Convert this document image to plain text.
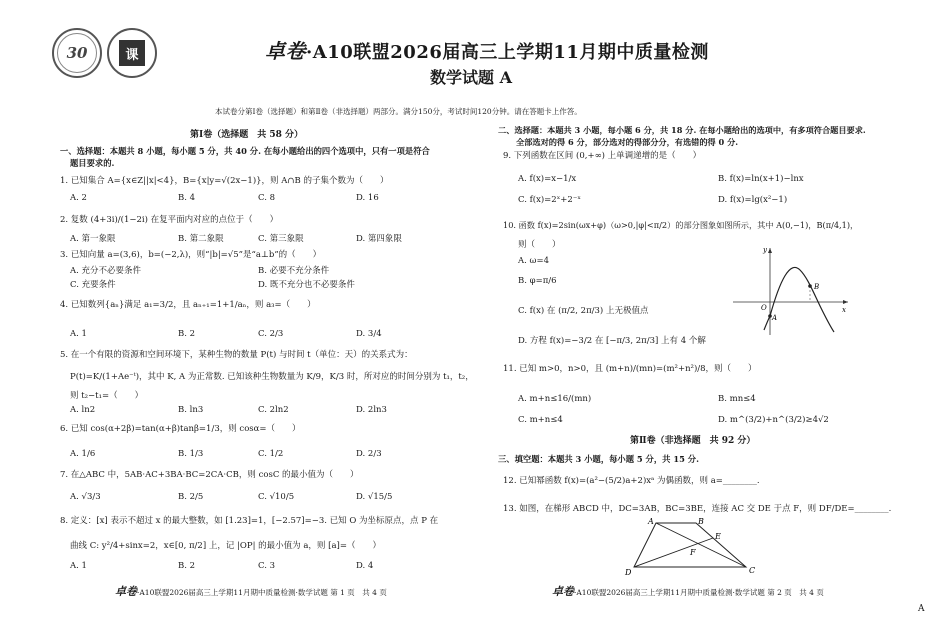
30	课	卓卷·A10联盟2026届高三上学期11月期中质量检测
数学试题 A
本试卷分第Ⅰ卷（选择题）和第Ⅱ卷（非选择题）两部分。满分150分，考试时间120分钟。请在答题卡上作答。
第Ⅰ卷（选择题　共 58 分）
一、选择题：本题共 8 小题，每小题 5 分，共 40 分. 在每小题给出的四个选项中，只有一项是符合
题目要求的.
1. 已知集合 A={x∈Z||x|<4}，B={x|y=√(2x−1)}，则 A∩B 的子集个数为（　　）
A. 2	B. 4	C. 8	D. 16
2. 复数 (4+3i)/(1−2i) 在复平面内对应的点位于（　　）
A. 第一象限	B. 第二象限	C. 第三象限	D. 第四象限
3. 已知向量 a=(3,6)，b=(−2,λ)，则“|b|=√5”是“a⊥b”的（　　）
A. 充分不必要条件	B. 必要不充分条件
C. 充要条件	D. 既不充分也不必要条件
4. 已知数列{aₙ}满足 a₁=3/2，且 aₙ₊₁=1+1/aₙ，则 a₃=（　　）
A. 1	B. 2	C. 2/3	D. 3/4
5. 在一个有限的资源和空间环境下，某种生物的数量 P(t) 与时间 t（单位：天）的关系式为：
P(t)=K/(1+Ae⁻ᵗ)，其中 K, A 为正常数. 已知该种生物数量为 K/9，K/3 时，所对应的时间分别为 t₁，t₂，
则 t₂−t₁=（　　）
A. ln2	B. ln3	C. 2ln2	D. 2ln3
6. 已知 cos(α+2β)=tan(α+β)tanβ=1/3，则 cosα=（　　）
A. 1/6	B. 1/3	C. 1/2	D. 2/3
7. 在△ABC 中，5AB·AC+3BA·BC=2CA·CB，则 cosC 的最小值为（　　）
A. √3/3	B. 2/5	C. √10/5	D. √15/5
8. 定义：[x] 表示不超过 x 的最大整数，如 [1.23]=1，[−2.57]=−3. 已知 O 为坐标原点，点 P 在
曲线 C: y²/4+sinx=2，x∈[0, π/2] 上，记 |OP| 的最小值为 a，则 [a]=（　　）
A. 1	B. 2	C. 3	D. 4
卓卷·A10联盟2026届高三上学期11月期中质量检测·数学试题 第 1 页　共 4 页
二、选择题：本题共 3 小题，每小题 6 分，共 18 分. 在每小题给出的选项中，有多项符合题目要求.
全部选对的得 6 分，部分选对的得部分分，有选错的得 0 分.
9. 下列函数在区间 (0,+∞) 上单调递增的是（　　）
A. f(x)=x−1/x	B. f(x)=ln(x+1)−lnx
C. f(x)=2ˣ+2⁻ˣ	D. f(x)=lg(x²−1)
10. 函数 f(x)=2sin(ωx+φ)（ω>0,|φ|<π/2）的部分图象如图所示，其中 A(0,−1)，B(π/4,1)，
则（　　）
A. ω=4
B. φ=π/6
C. f(x) 在 (π/2, 2π/3) 上无极值点
D. 方程 f(x)=−3/2 在 [−π/3, 2π/3] 上有 4 个解
y
x
O
A
B
11. 已知 m>0，n>0，且 (m+n)/(mn)=(m²+n²)/8，则（　　）
A. m+n≤16/(mn)	B. mn≤4
C. m+n≤4	D. m^(3/2)+n^(3/2)≥4√2
第Ⅱ卷（非选择题　共 92 分）
三、填空题：本题共 3 小题，每小题 5 分，共 15 分.
12. 已知幂函数 f(x)=(a²−(5/2)a+2)xᵃ 为偶函数，则 a=________.
13. 如图，在梯形 ABCD 中，DC=3AB，BC=3BE，连接 AC 交 DE 于点 F，则 DF/DE=________.
A	B
C
D
E
F
卓卷·A10联盟2026届高三上学期11月期中质量检测·数学试题 第 2 页　共 4 页
A
